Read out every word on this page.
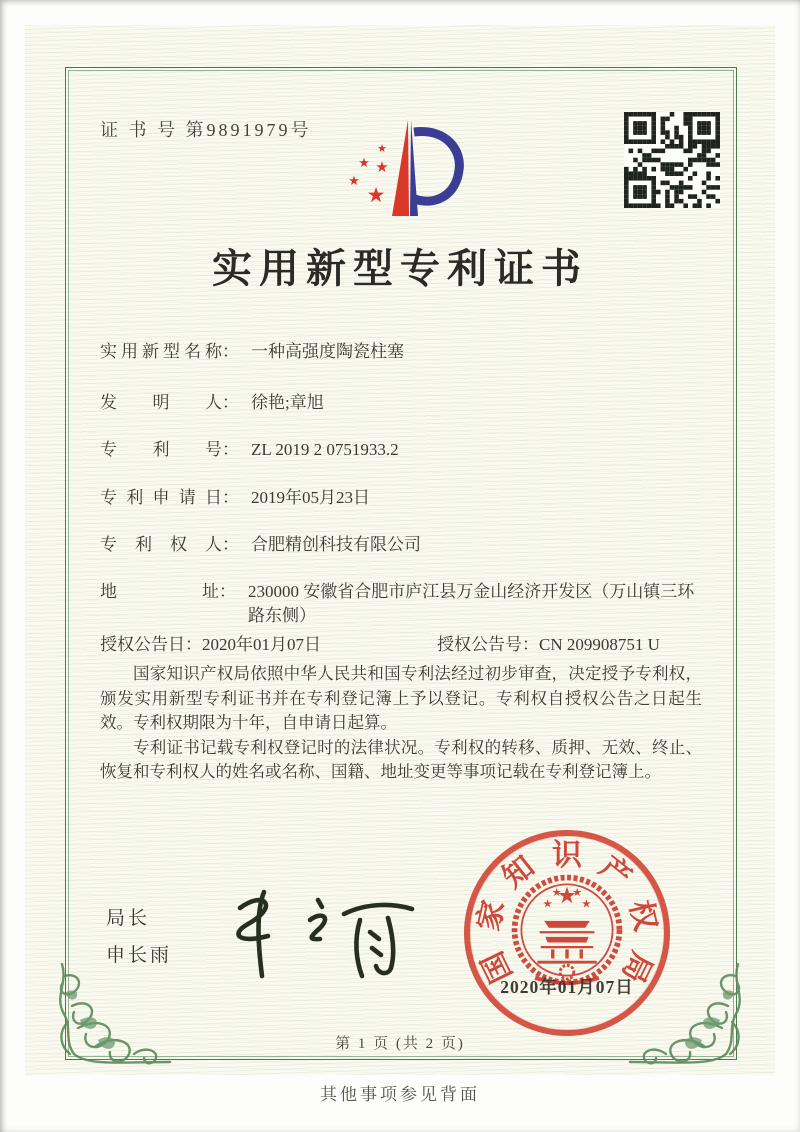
证 书 号 第9891979号
★
★ ★
★
★
实用新型专利证书
实用新型名称 ： 一种高强度陶瓷柱塞
发明人 ： 徐艳;章旭
专利号 ： ZL 2019 2 0751933.2
专利申请日 ： 2019年05月23日
专利权人 ： 合肥精创科技有限公司
地址 ： 230000 安徽省合肥市庐江县万金山经济开发区（万山镇三环路东侧）
授权公告日：2020年01月07日	授权公告号：CN 209908751 U

国家知识产权局依照中华人民共和国专利法经过初步审查，决定授予专利权，颁发实用新型专利证书并在专利登记簿上予以登记。专利权自授权公告之日起生效。专利权期限为十年，自申请日起算。

专利证书记载专利权登记时的法律状况。专利权的转移、质押、无效、终止、恢复和专利权人的姓名或名称、国籍、地址变更等事项记载在专利登记簿上。

局长
申长雨	国
家
知 识 产
权
局
2020年01月07日
第 1 页 (共 2 页)
其他事项参见背面
